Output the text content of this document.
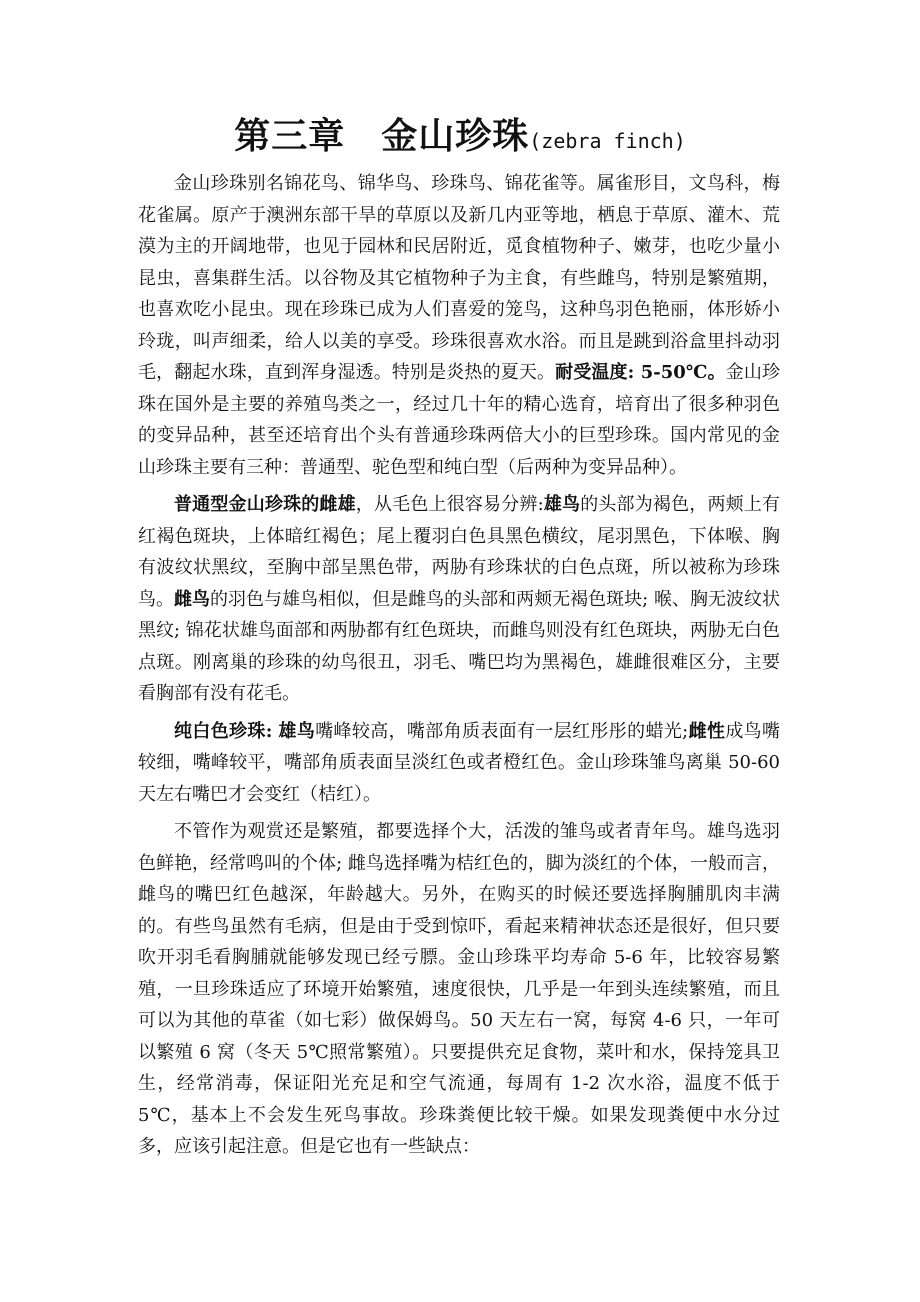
第三章 金山珍珠(zebra finch)

金山珍珠别名锦花鸟、锦华鸟、珍珠鸟、锦花雀等。属雀形目，文鸟科，梅花雀属。原产于澳洲东部干旱的草原以及新几内亚等地，栖息于草原、灌木、荒漠为主的开阔地带，也见于园林和民居附近，觅食植物种子、嫩芽，也吃少量小昆虫，喜集群生活。以谷物及其它植物种子为主食，有些雌鸟，特别是繁殖期，也喜欢吃小昆虫。现在珍珠已成为人们喜爱的笼鸟，这种鸟羽色艳丽，体形娇小玲珑，叫声细柔，给人以美的享受。珍珠很喜欢水浴。而且是跳到浴盒里抖动羽毛，翻起水珠，直到浑身湿透。特别是炎热的夏天。耐受温度: 5-50℃。金山珍珠在国外是主要的养殖鸟类之一，经过几十年的精心选育，培育出了很多种羽色的变异品种，甚至还培育出个头有普通珍珠两倍大小的巨型珍珠。国内常见的金山珍珠主要有三种：普通型、驼色型和纯白型（后两种为变异品种）。

普通型金山珍珠的雌雄，从毛色上很容易分辨:雄鸟的头部为褐色，两颊上有红褐色斑块，上体暗红褐色；尾上覆羽白色具黑色横纹，尾羽黑色，下体喉、胸有波纹状黑纹，至胸中部呈黑色带，两胁有珍珠状的白色点斑，所以被称为珍珠鸟。雌鸟的羽色与雄鸟相似，但是雌鸟的头部和两颊无褐色斑块; 喉、胸无波纹状黑纹; 锦花状雄鸟面部和两胁都有红色斑块，而雌鸟则没有红色斑块，两胁无白色点斑。刚离巢的珍珠的幼鸟很丑，羽毛、嘴巴均为黑褐色，雄雌很难区分，主要看胸部有没有花毛。

纯白色珍珠: 雄鸟嘴峰较高，嘴部角质表面有一层红彤彤的蜡光;雌性成鸟嘴较细，嘴峰较平，嘴部角质表面呈淡红色或者橙红色。金山珍珠雏鸟离巢 50-60 天左右嘴巴才会变红（桔红）。

不管作为观赏还是繁殖，都要选择个大，活泼的雏鸟或者青年鸟。雄鸟选羽色鲜艳，经常鸣叫的个体; 雌鸟选择嘴为桔红色的，脚为淡红的个体，一般而言，雌鸟的嘴巴红色越深，年龄越大。另外，在购买的时候还要选择胸脯肌肉丰满的。有些鸟虽然有毛病，但是由于受到惊吓，看起来精神状态还是很好，但只要吹开羽毛看胸脯就能够发现已经亏膘。金山珍珠平均寿命 5-6 年，比较容易繁殖，一旦珍珠适应了环境开始繁殖，速度很快，几乎是一年到头连续繁殖，而且可以为其他的草雀（如七彩）做保姆鸟。50 天左右一窝，每窝 4-6 只，一年可以繁殖 6 窝（冬天 5℃照常繁殖）。只要提供充足食物，菜叶和水，保持笼具卫生，经常消毒，保证阳光充足和空气流通，每周有 1-2 次水浴，温度不低于 5℃，基本上不会发生死鸟事故。珍珠粪便比较干燥。如果发现粪便中水分过多，应该引起注意。但是它也有一些缺点：
